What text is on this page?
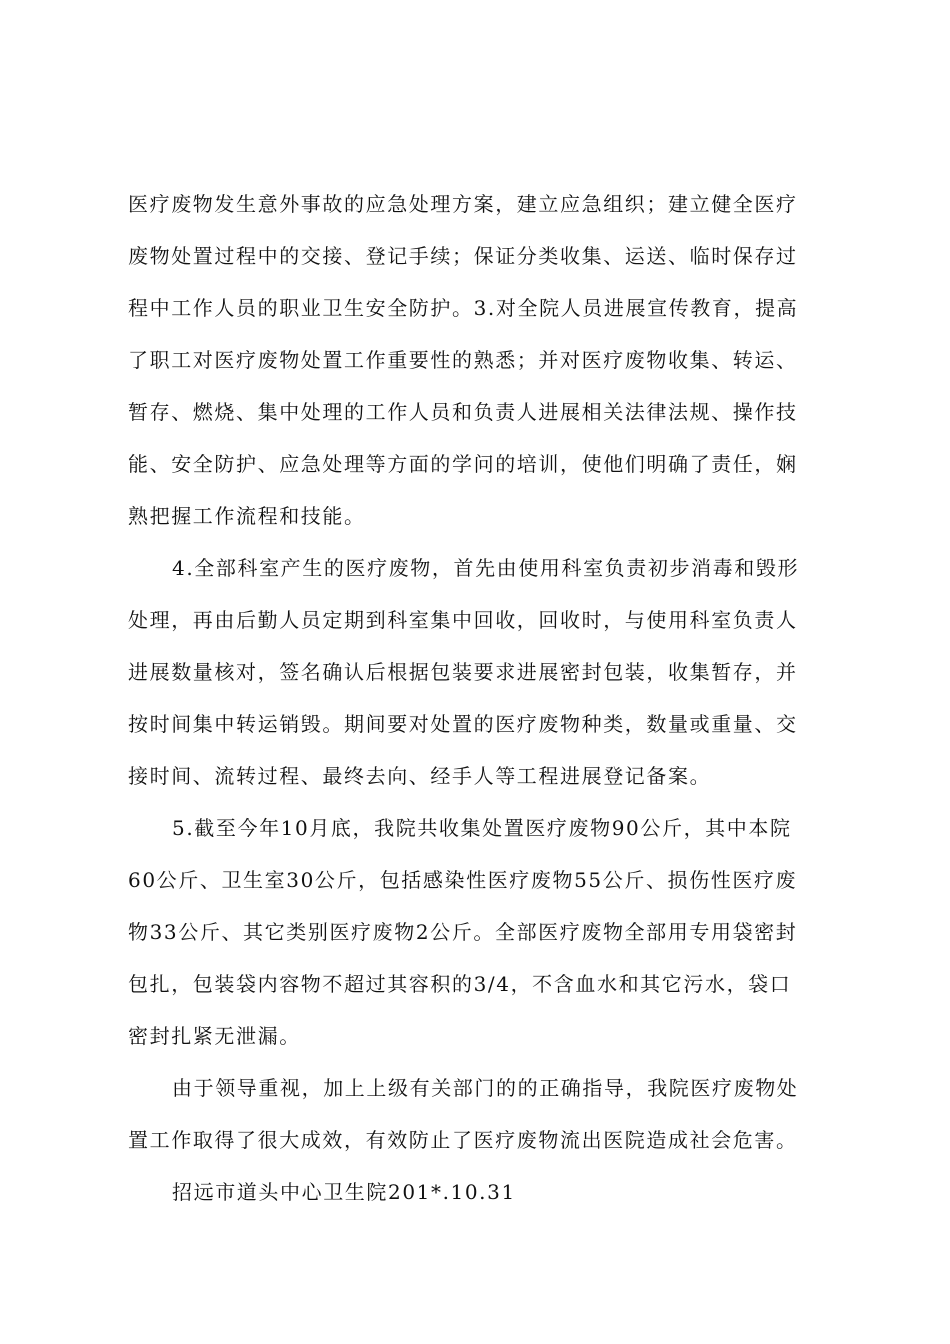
医疗废物发生意外事故的应急处理方案，建立应急组织；建立健全医疗
废物处置过程中的交接、登记手续；保证分类收集、运送、临时保存过
程中工作人员的职业卫生安全防护。3.对全院人员进展宣传教育，提高
了职工对医疗废物处置工作重要性的熟悉；并对医疗废物收集、转运、
暂存、燃烧、集中处理的工作人员和负责人进展相关法律法规、操作技
能、安全防护、应急处理等方面的学问的培训，使他们明确了责任，娴
熟把握工作流程和技能。
4.全部科室产生的医疗废物，首先由使用科室负责初步消毒和毁形
处理，再由后勤人员定期到科室集中回收，回收时，与使用科室负责人
进展数量核对，签名确认后根据包装要求进展密封包装，收集暂存，并
按时间集中转运销毁。期间要对处置的医疗废物种类，数量或重量、交
接时间、流转过程、最终去向、经手人等工程进展登记备案。
5.截至今年10月底，我院共收集处置医疗废物90公斤，其中本院
60公斤、卫生室30公斤，包括感染性医疗废物55公斤、损伤性医疗废
物33公斤、其它类别医疗废物2公斤。全部医疗废物全部用专用袋密封
包扎，包装袋内容物不超过其容积的3/4，不含血水和其它污水，袋口
密封扎紧无泄漏。
由于领导重视，加上上级有关部门的的正确指导，我院医疗废物处
置工作取得了很大成效，有效防止了医疗废物流出医院造成社会危害。
招远市道头中心卫生院201*.10.31
